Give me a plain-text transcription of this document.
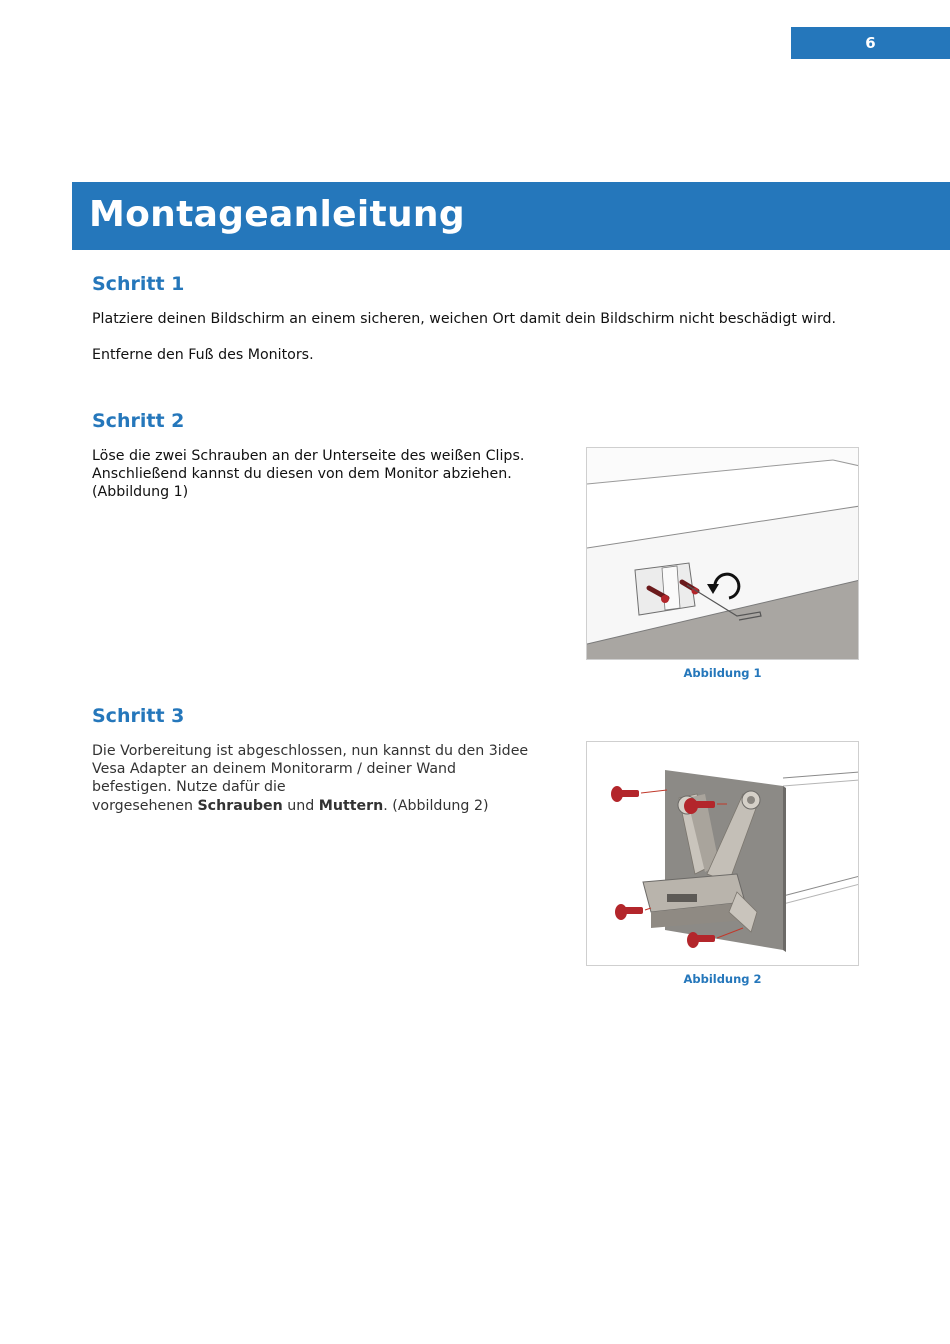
6
Montageanleitung
Schritt 1

Platziere deinen Bildschirm an einem sicheren, weichen Ort damit dein Bildschirm nicht beschädigt wird.

Entferne den Fuß des Monitors.

Schritt 2
Löse die zwei Schrauben an der Unterseite des weißen Clips.
Anschließend kannst du diesen von dem Monitor abziehen.
(Abbildung 1)
Abbildung 1
Schritt 3
Die Vorbereitung ist abgeschlossen, nun kannst du den 3idee
Vesa Adapter an deinem Monitorarm / deiner Wand
befestigen. Nutze dafür die
vorgesehenen Schrauben und Muttern. (Abbildung 2)
Abbildung 2
